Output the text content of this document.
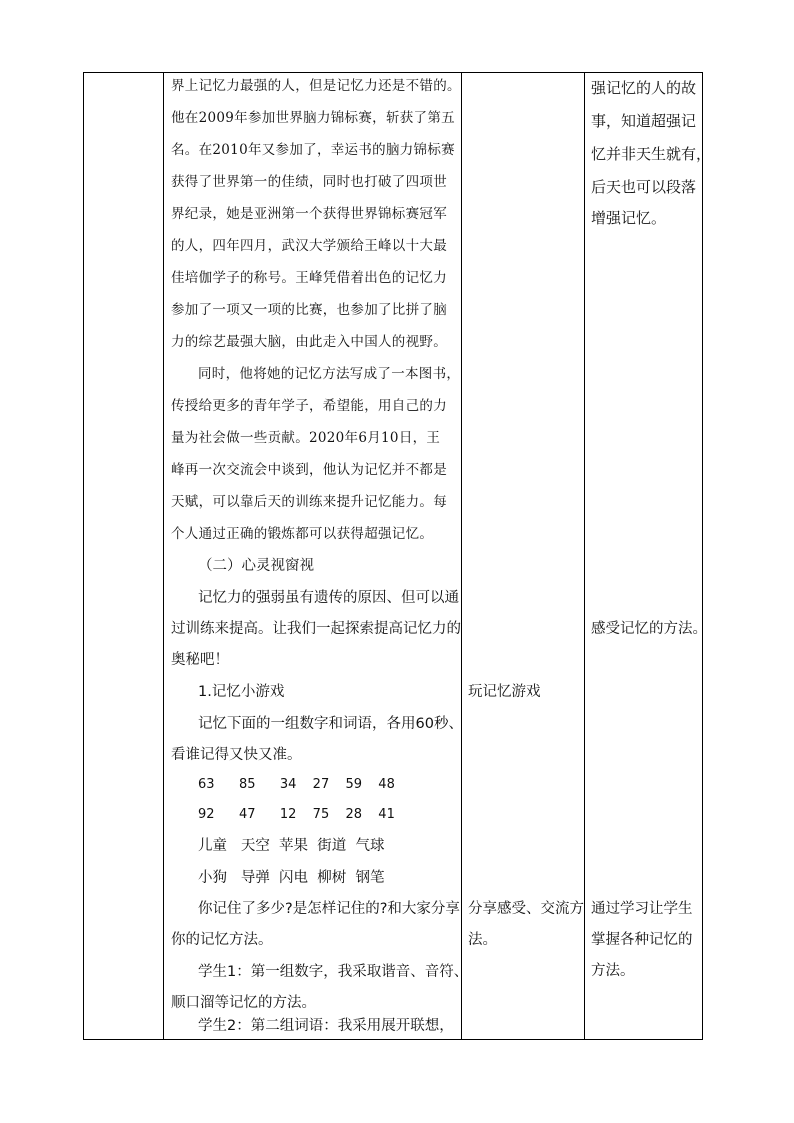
界上记忆力最强的人，但是记忆力还是不错的。
他在2009年参加世界脑力锦标赛，斩获了第五
名。在2010年又参加了，幸运书的脑力锦标赛
获得了世界第一的佳绩，同时也打破了四项世
界纪录，她是亚洲第一个获得世界锦标赛冠军
的人，四年四月，武汉大学颁给王峰以十大最
佳培伽学子的称号。王峰凭借着出色的记忆力
参加了一项又一项的比赛，也参加了比拼了脑
力的综艺最强大脑，由此走入中国人的视野。
同时，他将她的记忆方法写成了一本图书，
传授给更多的青年学子，希望能，用自己的力
量为社会做一些贡献。2020年6月10日，王
峰再一次交流会中谈到，他认为记忆并不都是
天赋，可以靠后天的训练来提升记忆能力。每
个人通过正确的锻炼都可以获得超强记忆。
（二）心灵视窗视
记忆力的强弱虽有遗传的原因、但可以通
过训练来提高。让我们一起探索提高记忆力的
奥秘吧！
1.记忆小游戏
记忆下面的一组数字和词语，各用60秒、
看谁记得又快又准。
63   85   34  27  59  48
92   47   12  75  28  41
儿童   天空  苹果  街道  气球
小狗   导弹  闪电  柳树  钢笔
你记住了多少?是怎样记住的?和大家分享
你的记忆方法。
学生1：第一组数字，我采取谐音、音符、
顺口溜等记忆的方法。
学生2：第二组词语：我采用展开联想，
玩记忆游戏
分享感受、交流方
法。
强记忆的人的故
事，知道超强记
忆并非天生就有，
后天也可以段落
增强记忆。
感受记忆的方法。
通过学习让学生
掌握各种记忆的
方法。
